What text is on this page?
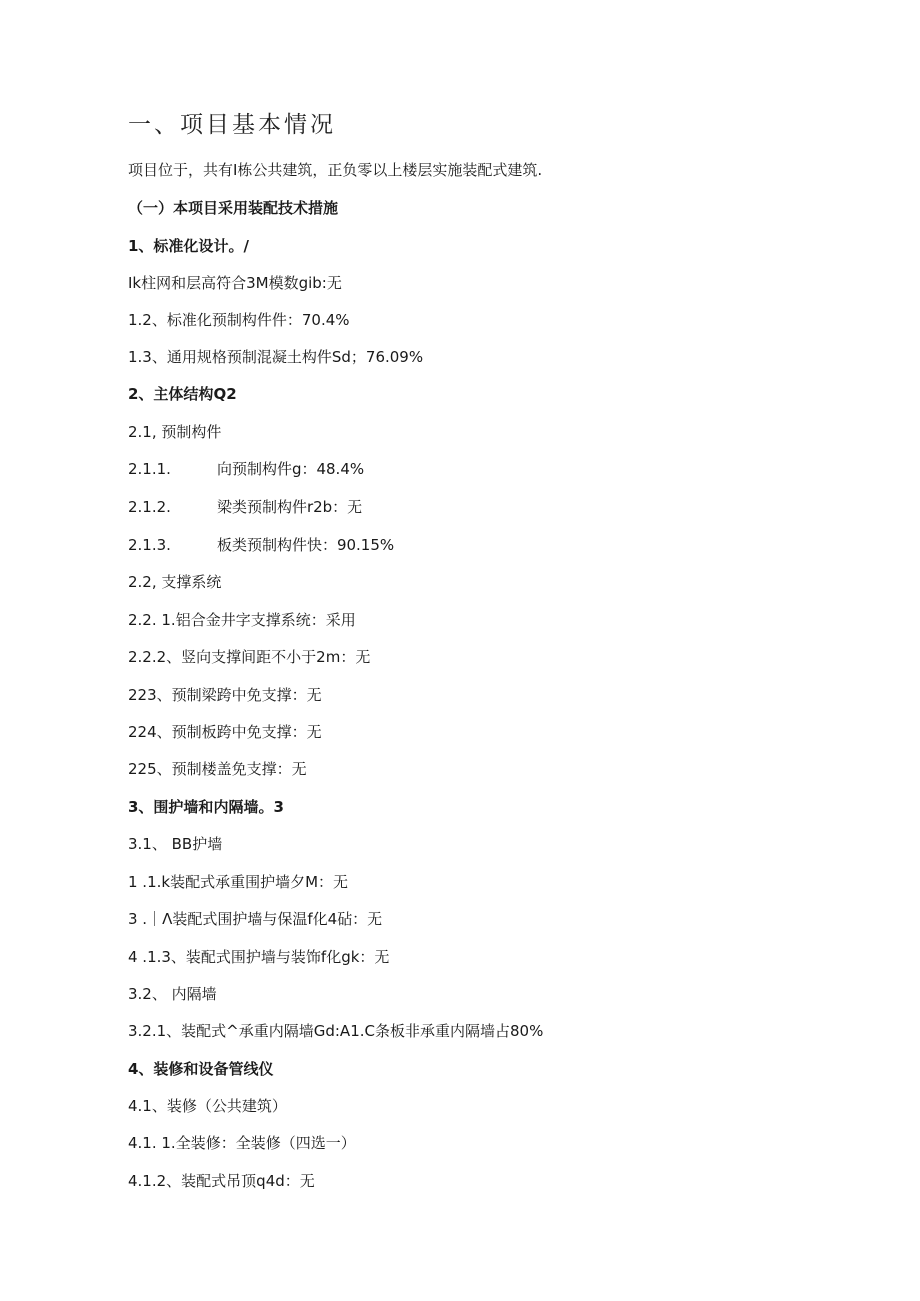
一、项目基本情况
项目位于，共有I栋公共建筑，正负零以上楼层实施装配式建筑.
（一）本项目采用装配技术措施
1、标准化设计。/
Ik柱网和层高符合3M模数gib:无
1.2、标准化预制构件件：70.4%
1.3、通用规格预制混凝土构件Sd；76.09%
2、主体结构Q2
2.1, 预制构件
2.1.1.	向预制构件g：48.4%
2.1.2.	梁类预制构件r2b：无
2.1.3.	板类预制构件快：90.15%
2.2, 支撑系统
2.2. 1.铝合金井字支撑系统：采用
2.2.2、竖向支撑间距不小于2m：无
223、预制梁跨中免支撑：无
224、预制板跨中免支撑：无
225、预制楼盖免支撑：无
3、围护墙和内隔墙。3
3.1、 BB护墙
1 .1.k装配式承重围护墙夕M：无
3 .｜Λ装配式围护墙与保温f化4砧：无
4 .1.3、装配式围护墙与装饰f化gk：无
3.2、 内隔墙
3.2.1、装配式^承重内隔墙Gd:A1.C条板非承重内隔墙占80%
4、装修和设备管线仪
4.1、装修（公共建筑）
4.1. 1.全装修：全装修（四选一）
4.1.2、装配式吊顶q4d：无
